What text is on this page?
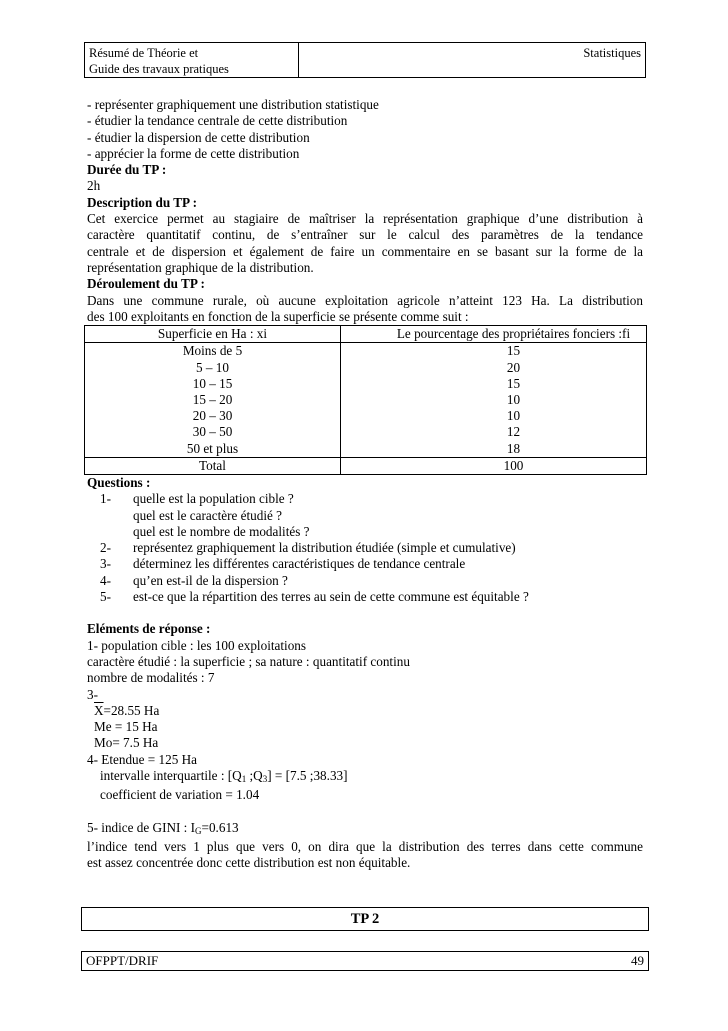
Résumé de Théorie et
Guide des travaux pratiques
Statistiques
- représenter graphiquement une distribution statistique
- étudier la tendance centrale de cette distribution
- étudier la dispersion de cette distribution
- apprécier la forme de cette distribution
Durée du TP :
2h
Description du TP :
Cet exercice permet au stagiaire de maîtriser la représentation graphique d’une distribution à
caractère quantitatif continu, de s’entraîner sur le calcul des paramètres de la tendance
centrale et de dispersion et également de faire un commentaire en se basant sur la forme de la
représentation graphique de la distribution.
Déroulement du TP :
Dans une commune rurale, où aucune exploitation agricole n’atteint 123 Ha. La distribution
des 100 exploitants en fonction de la superficie se présente comme suit :
Superficie en Ha : xi	Le pourcentage des propriétaires fonciers :fi
Moins de 5	15
5 – 10	20
10 – 15	15
15 – 20	10
20 – 30	10
30 – 50	12
50 et plus	18
Total	100
Questions :
1-	quelle est la population cible ?
quel est le caractère étudié ?
quel est le nombre de modalités ?
2-	représentez graphiquement la distribution étudiée (simple et cumulative)
3-	déterminez les différentes caractéristiques de tendance centrale
4-	qu’en est-il de la dispersion ?
5-	est-ce que la répartition des terres au sein de cette commune est équitable ?
Eléments de réponse :
1- population cible : les 100 exploitations
caractère étudié : la superficie ; sa nature : quantitatif continu
nombre de modalités : 7
3-
$\overline{X}=28.55$ Ha
Me = 15 Ha
Mo= 7.5 Ha
4- Etendue = 125 Ha
intervalle interquartile : [$Q_1$ $;Q_3] = [7.5$ ;38.33]
coefficient de variation = 1.04
5- indice de GINI : $I_G=0.613$
l’indice tend vers 1 plus que vers 0, on dira que la distribution des terres dans cette commune
est assez concentrée donc cette distribution est non équitable.
TP 2
OFPPT/DRIF	49
